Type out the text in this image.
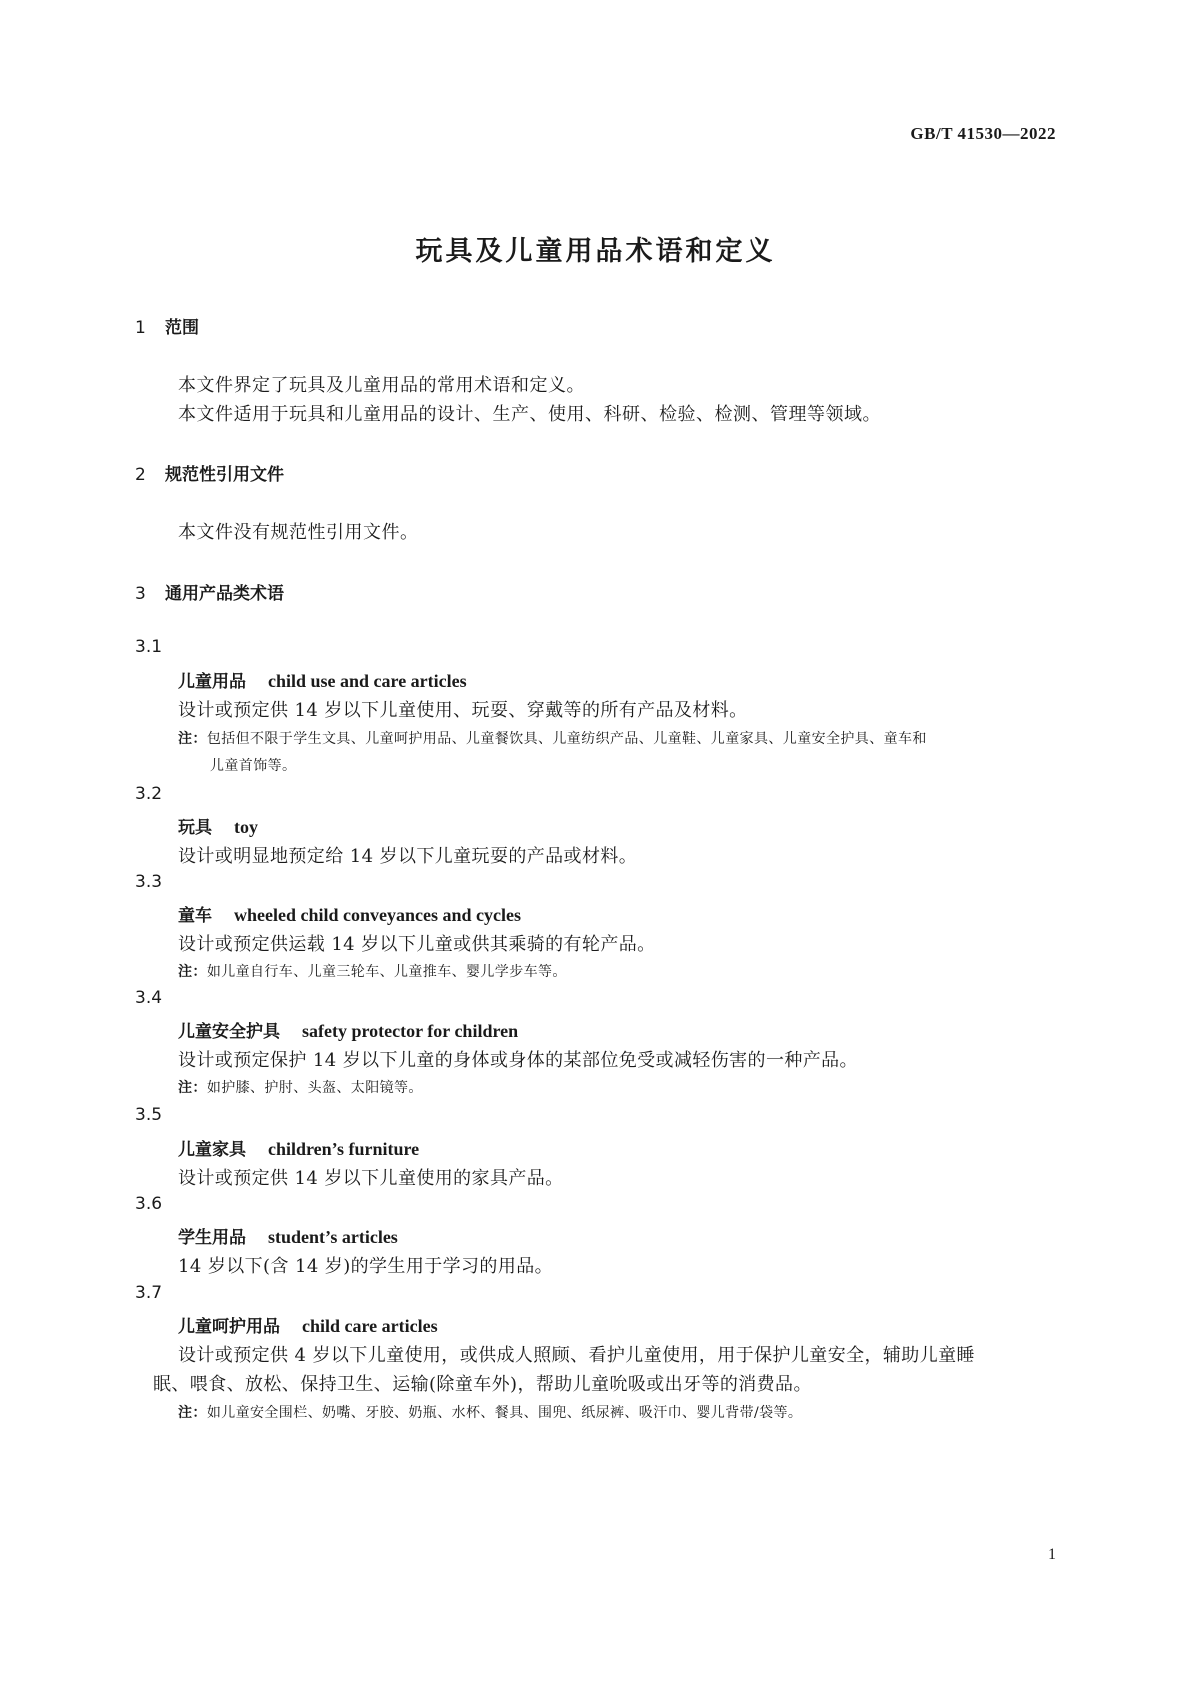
GB/T 41530—2022
玩具及儿童用品术语和定义
1 范围
本文件界定了玩具及儿童用品的常用术语和定义。
本文件适用于玩具和儿童用品的设计、生产、使用、科研、检验、检测、管理等领域。
2 规范性引用文件
本文件没有规范性引用文件。
3 通用产品类术语
3.1
儿童用品 child use and care articles
设计或预定供 14 岁以下儿童使用、玩耍、穿戴等的所有产品及材料。
注：包括但不限于学生文具、儿童呵护用品、儿童餐饮具、儿童纺织产品、儿童鞋、儿童家具、儿童安全护具、童车和
儿童首饰等。
3.2
玩具 toy
设计或明显地预定给 14 岁以下儿童玩耍的产品或材料。
3.3
童车 wheeled child conveyances and cycles
设计或预定供运载 14 岁以下儿童或供其乘骑的有轮产品。
注：如儿童自行车、儿童三轮车、儿童推车、婴儿学步车等。
3.4
儿童安全护具 safety protector for children
设计或预定保护 14 岁以下儿童的身体或身体的某部位免受或减轻伤害的一种产品。
注：如护膝、护肘、头盔、太阳镜等。
3.5
儿童家具 children’s furniture
设计或预定供 14 岁以下儿童使用的家具产品。
3.6
学生用品 student’s articles
14 岁以下(含 14 岁)的学生用于学习的用品。
3.7
儿童呵护用品 child care articles
设计或预定供 4 岁以下儿童使用，或供成人照顾、看护儿童使用，用于保护儿童安全，辅助儿童睡
眠、喂食、放松、保持卫生、运输(除童车外)，帮助儿童吮吸或出牙等的消费品。
注：如儿童安全围栏、奶嘴、牙胶、奶瓶、水杯、餐具、围兜、纸尿裤、吸汗巾、婴儿背带/袋等。
1
